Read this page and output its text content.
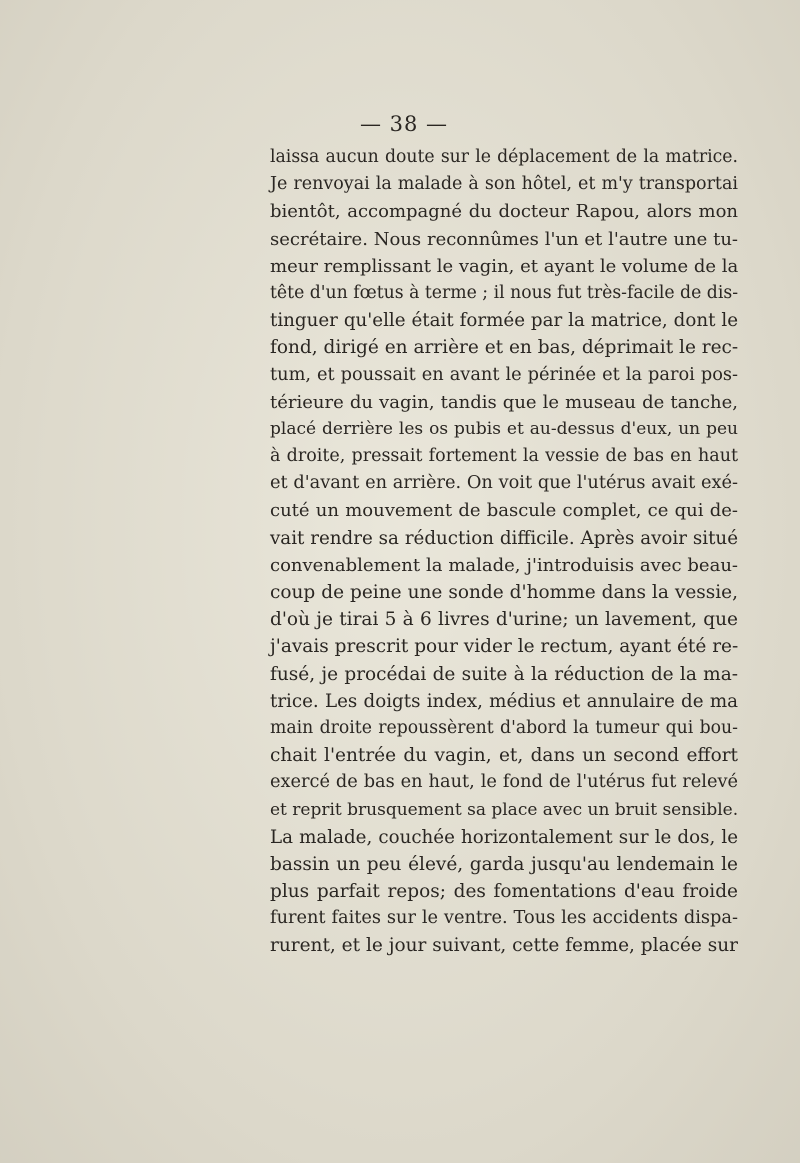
— 38 —
laissa aucun doute sur le déplacement de la matrice.
Je renvoyai la malade à son hôtel, et m'y transportai
bientôt, accompagné du docteur Rapou, alors mon
secrétaire. Nous reconnûmes l'un et l'autre une tu-
meur remplissant le vagin, et ayant le volume de la
tête d'un fœtus à terme ; il nous fut très-facile de dis-
tinguer qu'elle était formée par la matrice, dont le
fond, dirigé en arrière et en bas, déprimait le rec-
tum, et poussait en avant le périnée et la paroi pos-
térieure du vagin, tandis que le museau de tanche,
placé derrière les os pubis et au-dessus d'eux, un peu
à droite, pressait fortement la vessie de bas en haut
et d'avant en arrière. On voit que l'utérus avait exé-
cuté un mouvement de bascule complet, ce qui de-
vait rendre sa réduction difficile. Après avoir situé
convenablement la malade, j'introduisis avec beau-
coup de peine une sonde d'homme dans la vessie,
d'où je tirai 5 à 6 livres d'urine; un lavement, que
j'avais prescrit pour vider le rectum, ayant été re-
fusé, je procédai de suite à la réduction de la ma-
trice. Les doigts index, médius et annulaire de ma
main droite repoussèrent d'abord la tumeur qui bou-
chait l'entrée du vagin, et, dans un second effort
exercé de bas en haut, le fond de l'utérus fut relevé
et reprit brusquement sa place avec un bruit sensible.
La malade, couchée horizontalement sur le dos, le
bassin un peu élevé, garda jusqu'au lendemain le
plus parfait repos; des fomentations d'eau froide
furent faites sur le ventre. Tous les accidents dispa-
rurent, et le jour suivant, cette femme, placée sur
